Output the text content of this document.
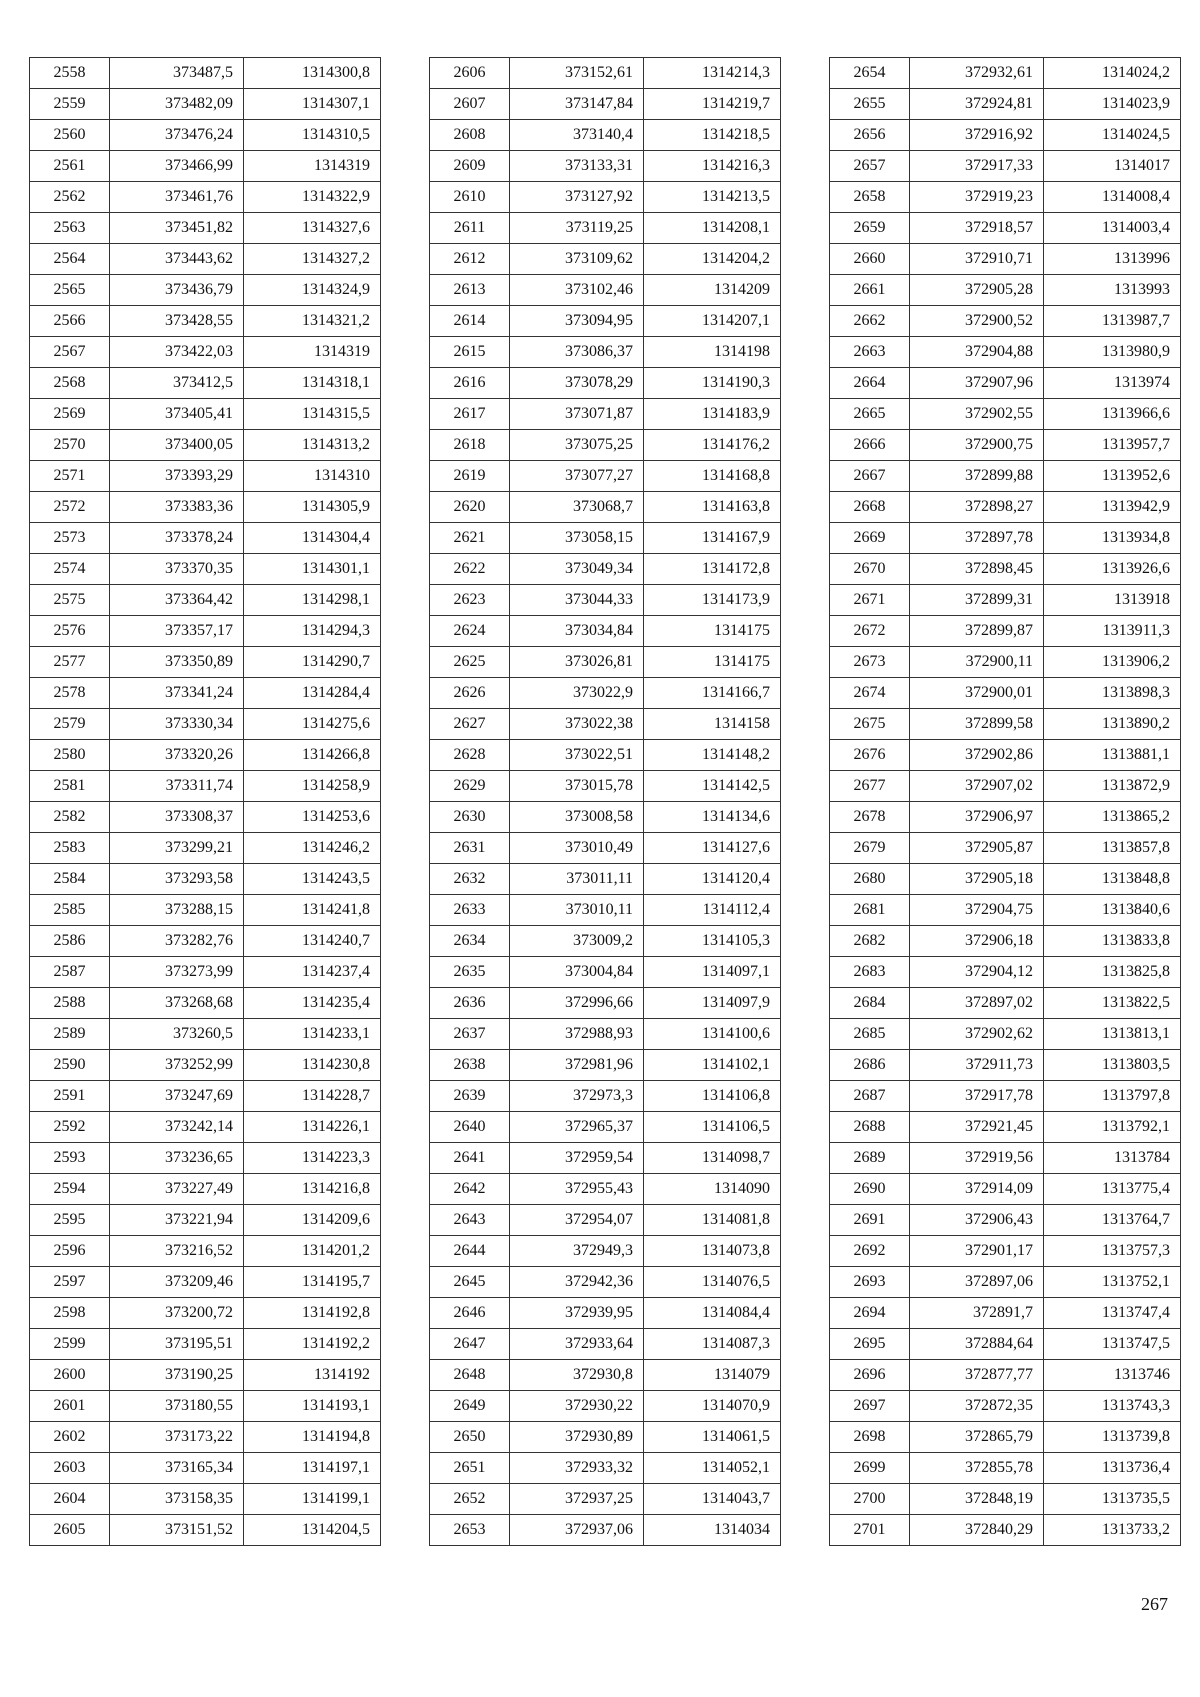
2558	373487,5	1314300,8
2559	373482,09	1314307,1
2560	373476,24	1314310,5
2561	373466,99	1314319
2562	373461,76	1314322,9
2563	373451,82	1314327,6
2564	373443,62	1314327,2
2565	373436,79	1314324,9
2566	373428,55	1314321,2
2567	373422,03	1314319
2568	373412,5	1314318,1
2569	373405,41	1314315,5
2570	373400,05	1314313,2
2571	373393,29	1314310
2572	373383,36	1314305,9
2573	373378,24	1314304,4
2574	373370,35	1314301,1
2575	373364,42	1314298,1
2576	373357,17	1314294,3
2577	373350,89	1314290,7
2578	373341,24	1314284,4
2579	373330,34	1314275,6
2580	373320,26	1314266,8
2581	373311,74	1314258,9
2582	373308,37	1314253,6
2583	373299,21	1314246,2
2584	373293,58	1314243,5
2585	373288,15	1314241,8
2586	373282,76	1314240,7
2587	373273,99	1314237,4
2588	373268,68	1314235,4
2589	373260,5	1314233,1
2590	373252,99	1314230,8
2591	373247,69	1314228,7
2592	373242,14	1314226,1
2593	373236,65	1314223,3
2594	373227,49	1314216,8
2595	373221,94	1314209,6
2596	373216,52	1314201,2
2597	373209,46	1314195,7
2598	373200,72	1314192,8
2599	373195,51	1314192,2
2600	373190,25	1314192
2601	373180,55	1314193,1
2602	373173,22	1314194,8
2603	373165,34	1314197,1
2604	373158,35	1314199,1
2605	373151,52	1314204,5
2606	373152,61	1314214,3
2607	373147,84	1314219,7
2608	373140,4	1314218,5
2609	373133,31	1314216,3
2610	373127,92	1314213,5
2611	373119,25	1314208,1
2612	373109,62	1314204,2
2613	373102,46	1314209
2614	373094,95	1314207,1
2615	373086,37	1314198
2616	373078,29	1314190,3
2617	373071,87	1314183,9
2618	373075,25	1314176,2
2619	373077,27	1314168,8
2620	373068,7	1314163,8
2621	373058,15	1314167,9
2622	373049,34	1314172,8
2623	373044,33	1314173,9
2624	373034,84	1314175
2625	373026,81	1314175
2626	373022,9	1314166,7
2627	373022,38	1314158
2628	373022,51	1314148,2
2629	373015,78	1314142,5
2630	373008,58	1314134,6
2631	373010,49	1314127,6
2632	373011,11	1314120,4
2633	373010,11	1314112,4
2634	373009,2	1314105,3
2635	373004,84	1314097,1
2636	372996,66	1314097,9
2637	372988,93	1314100,6
2638	372981,96	1314102,1
2639	372973,3	1314106,8
2640	372965,37	1314106,5
2641	372959,54	1314098,7
2642	372955,43	1314090
2643	372954,07	1314081,8
2644	372949,3	1314073,8
2645	372942,36	1314076,5
2646	372939,95	1314084,4
2647	372933,64	1314087,3
2648	372930,8	1314079
2649	372930,22	1314070,9
2650	372930,89	1314061,5
2651	372933,32	1314052,1
2652	372937,25	1314043,7
2653	372937,06	1314034
2654	372932,61	1314024,2
2655	372924,81	1314023,9
2656	372916,92	1314024,5
2657	372917,33	1314017
2658	372919,23	1314008,4
2659	372918,57	1314003,4
2660	372910,71	1313996
2661	372905,28	1313993
2662	372900,52	1313987,7
2663	372904,88	1313980,9
2664	372907,96	1313974
2665	372902,55	1313966,6
2666	372900,75	1313957,7
2667	372899,88	1313952,6
2668	372898,27	1313942,9
2669	372897,78	1313934,8
2670	372898,45	1313926,6
2671	372899,31	1313918
2672	372899,87	1313911,3
2673	372900,11	1313906,2
2674	372900,01	1313898,3
2675	372899,58	1313890,2
2676	372902,86	1313881,1
2677	372907,02	1313872,9
2678	372906,97	1313865,2
2679	372905,87	1313857,8
2680	372905,18	1313848,8
2681	372904,75	1313840,6
2682	372906,18	1313833,8
2683	372904,12	1313825,8
2684	372897,02	1313822,5
2685	372902,62	1313813,1
2686	372911,73	1313803,5
2687	372917,78	1313797,8
2688	372921,45	1313792,1
2689	372919,56	1313784
2690	372914,09	1313775,4
2691	372906,43	1313764,7
2692	372901,17	1313757,3
2693	372897,06	1313752,1
2694	372891,7	1313747,4
2695	372884,64	1313747,5
2696	372877,77	1313746
2697	372872,35	1313743,3
2698	372865,79	1313739,8
2699	372855,78	1313736,4
2700	372848,19	1313735,5
2701	372840,29	1313733,2
267
